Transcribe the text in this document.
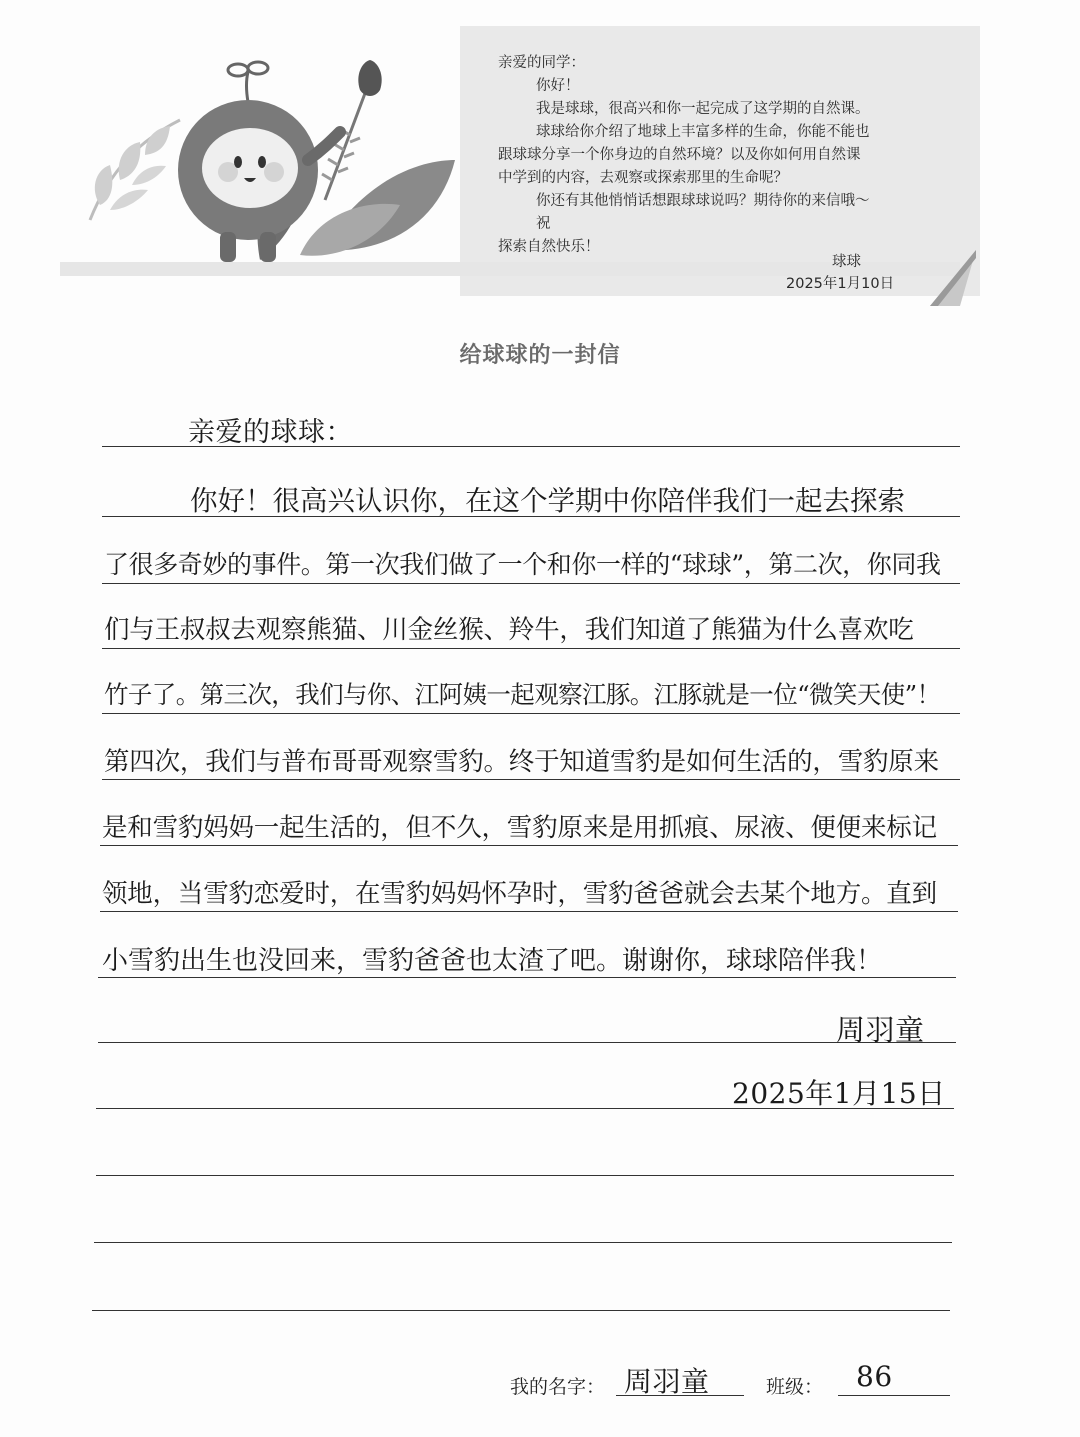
亲爱的同学：

你好！

我是球球，很高兴和你一起完成了这学期的自然课。

球球给你介绍了地球上丰富多样的生命，你能不能也

跟球球分享一个你身边的自然环境？以及你如何用自然课

中学到的内容，去观察或探索那里的生命呢？

你还有其他悄悄话想跟球球说吗？期待你的来信哦～

祝

探索自然快乐！

球球
2025年1月10日
给球球的一封信
亲爱的球球：
你好！很高兴认识你，在这个学期中你陪伴我们一起去探索
了很多奇妙的事件。第一次我们做了一个和你一样的“球球”，第二次，你同我
们与王叔叔去观察熊猫、川金丝猴、羚牛，我们知道了熊猫为什么喜欢吃
竹子了。第三次，我们与你、江阿姨一起观察江豚。江豚就是一位“微笑天使”！
第四次，我们与普布哥哥观察雪豹。终于知道雪豹是如何生活的，雪豹原来
是和雪豹妈妈一起生活的，但不久，雪豹原来是用抓痕、尿液、便便来标记
领地，当雪豹恋爱时，在雪豹妈妈怀孕时，雪豹爸爸就会去某个地方。直到
小雪豹出生也没回来，雪豹爸爸也太渣了吧。谢谢你，球球陪伴我！
周羽童
2025年1月15日
我的名字： 周羽童	班级： 86
